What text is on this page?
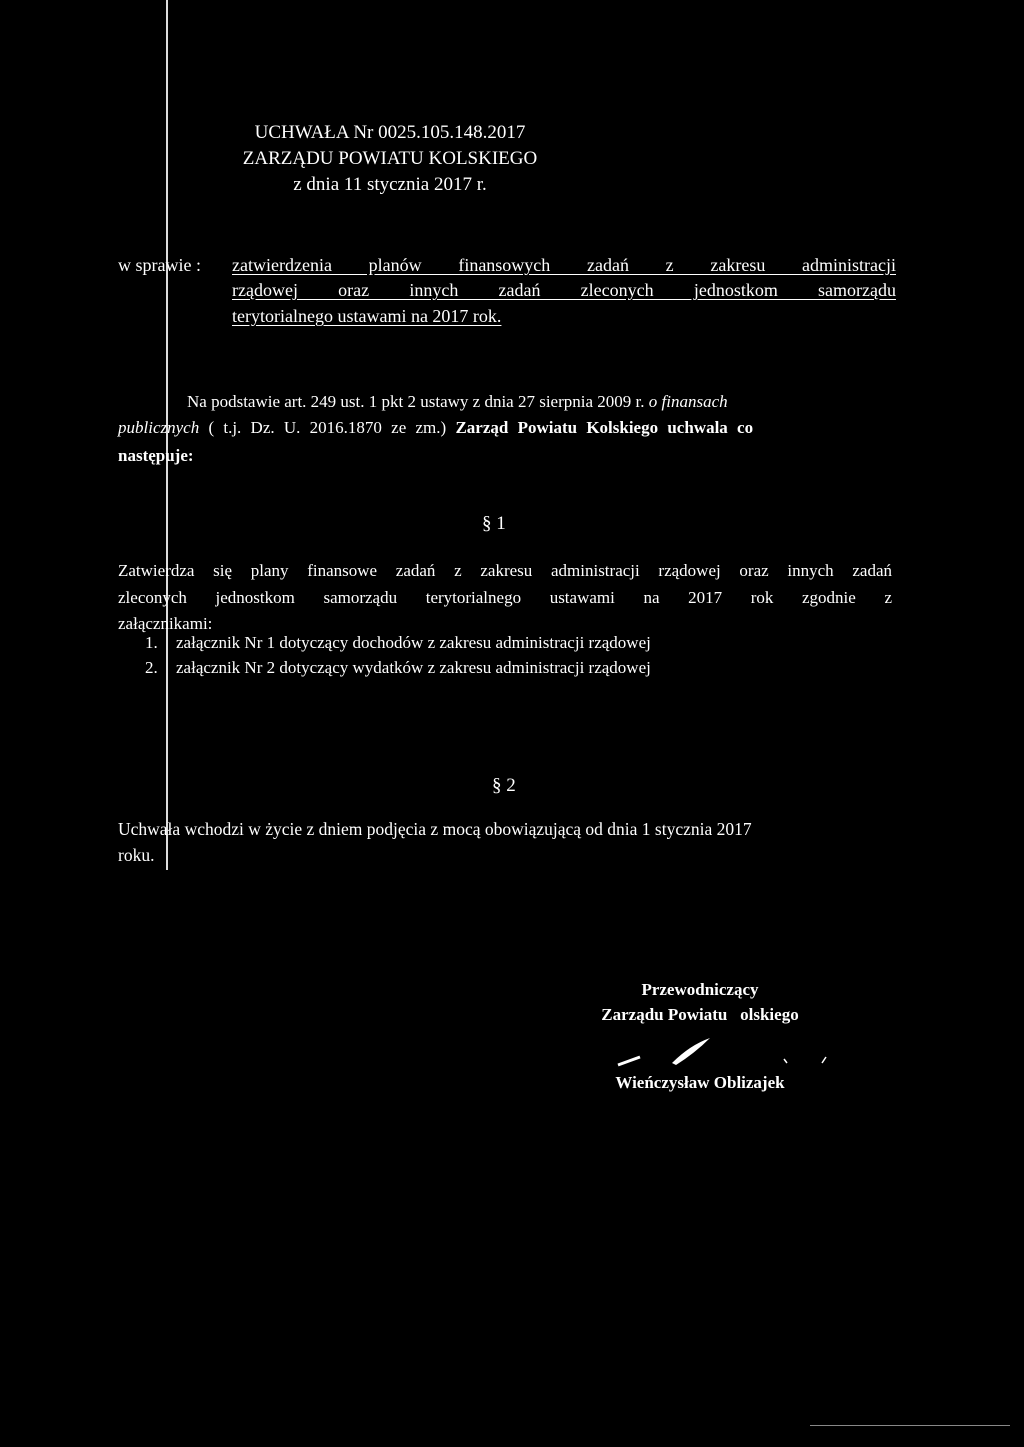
UCHWAŁA Nr 0025.105.148.2017
ZARZĄDU POWIATU KOLSKIEGO
z dnia 11 stycznia 2017 r.
w sprawie : zatwierdzenia planów finansowych zadań z zakresu administracji
rządowej oraz innych zadań zleconych jednostkom samorządu
terytorialnego ustawami na 2017 rok.
Na podstawie art. 249 ust. 1 pkt 2 ustawy z dnia 27 sierpnia 2009 r. o finansach
publicznych ( t.j. Dz. U. 2016.1870 ze zm.) Zarząd Powiatu Kolskiego uchwala co
następuje:
§ 1
Zatwierdza się plany finansowe zadań z zakresu administracji rządowej oraz innych zadań
zleconych jednostkom samorządu terytorialnego ustawami na 2017 rok zgodnie z
załącznikami:
1. załącznik Nr 1 dotyczący dochodów z zakresu administracji rządowej
2. załącznik Nr 2 dotyczący wydatków z zakresu administracji rządowej
§ 2
Uchwała wchodzi w życie z dniem podjęcia z mocą obowiązującą od dnia 1 stycznia 2017
roku.
Przewodniczący
Zarządu Powiatu   olskiego
Wieńczysław Oblizajek
